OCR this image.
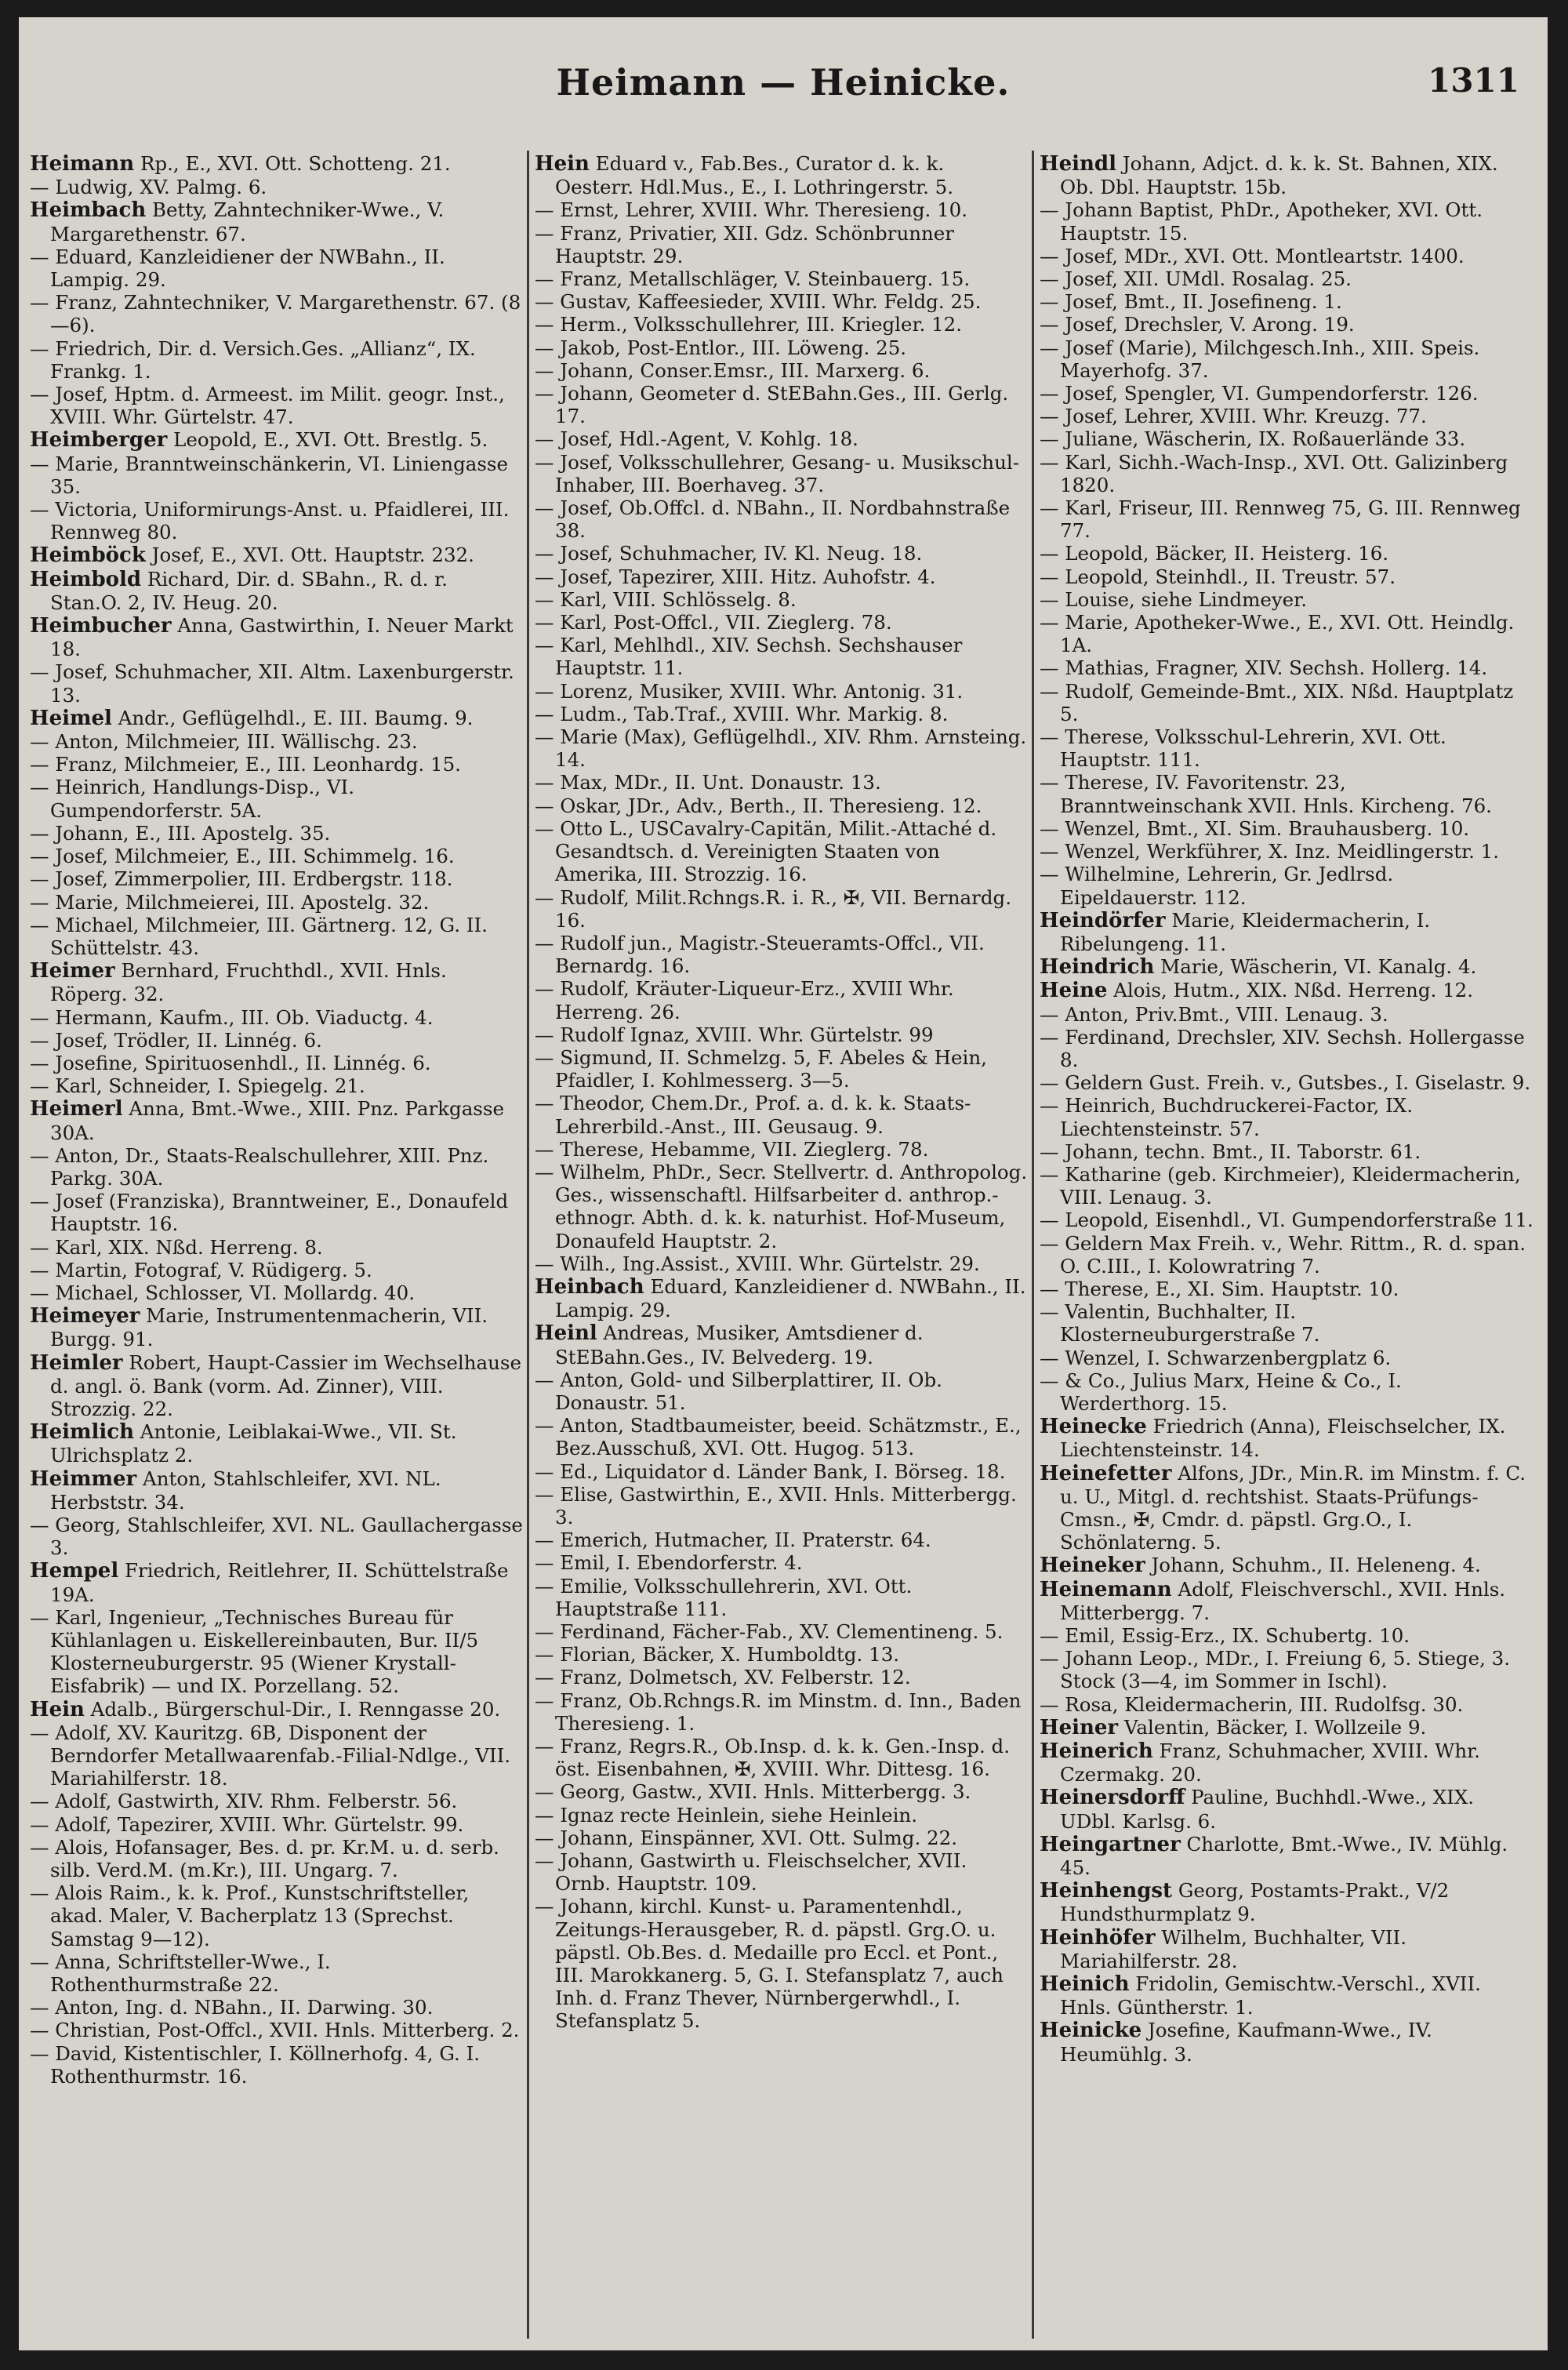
Heimann — Heinicke.	1311

Heimann Rp., E., XVI. Ott. Schotteng. 21.

— Ludwig, XV. Palmg. 6.

Heimbach Betty, Zahntechniker-Wwe., V. Margarethenstr. 67.

— Eduard, Kanzleidiener der NWBahn., II. Lampig. 29.

— Franz, Zahntechniker, V. Margarethenstr. 67. (8—6).

— Friedrich, Dir. d. Versich.Ges. „Allianz“, IX. Frankg. 1.

— Josef, Hptm. d. Armeest. im Milit. geogr. Inst., XVIII. Whr. Gürtelstr. 47.

Heimberger Leopold, E., XVI. Ott. Brestlg. 5.

— Marie, Branntweinschänkerin, VI. Liniengasse 35.

— Victoria, Uniformirungs-Anst. u. Pfaidlerei, III. Rennweg 80.

Heimböck Josef, E., XVI. Ott. Hauptstr. 232.

Heimbold Richard, Dir. d. SBahn., R. d. r. Stan.O. 2, IV. Heug. 20.

Heimbucher Anna, Gastwirthin, I. Neuer Markt 18.

— Josef, Schuhmacher, XII. Altm. Laxenburgerstr. 13.

Heimel Andr., Geflügelhdl., E. III. Baumg. 9.

— Anton, Milchmeier, III. Wällischg. 23.

— Franz, Milchmeier, E., III. Leonhardg. 15.

— Heinrich, Handlungs-Disp., VI. Gumpendorferstr. 5A.

— Johann, E., III. Apostelg. 35.

— Josef, Milchmeier, E., III. Schimmelg. 16.

— Josef, Zimmerpolier, III. Erdbergstr. 118.

— Marie, Milchmeierei, III. Apostelg. 32.

— Michael, Milchmeier, III. Gärtnerg. 12, G. II. Schüttelstr. 43.

Heimer Bernhard, Fruchthdl., XVII. Hnls. Röperg. 32.

— Hermann, Kaufm., III. Ob. Viaductg. 4.

— Josef, Trödler, II. Linnég. 6.

— Josefine, Spirituosenhdl., II. Linnég. 6.

— Karl, Schneider, I. Spiegelg. 21.

Heimerl Anna, Bmt.-Wwe., XIII. Pnz. Parkgasse 30A.

— Anton, Dr., Staats-Realschullehrer, XIII. Pnz. Parkg. 30A.

— Josef (Franziska), Branntweiner, E., Donaufeld Hauptstr. 16.

— Karl, XIX. Nßd. Herreng. 8.

— Martin, Fotograf, V. Rüdigerg. 5.

— Michael, Schlosser, VI. Mollardg. 40.

Heimeyer Marie, Instrumentenmacherin, VII. Burgg. 91.

Heimler Robert, Haupt-Cassier im Wechselhause d. angl. ö. Bank (vorm. Ad. Zinner), VIII. Strozzig. 22.

Heimlich Antonie, Leiblakai-Wwe., VII. St. Ulrichsplatz 2.

Heimmer Anton, Stahlschleifer, XVI. NL. Herbststr. 34.

— Georg, Stahlschleifer, XVI. NL. Gaullachergasse 3.

Hempel Friedrich, Reitlehrer, II. Schüttelstraße 19A.

— Karl, Ingenieur, „Technisches Bureau für Kühlanlagen u. Eiskellereinbauten, Bur. II/5 Klosterneuburgerstr. 95 (Wiener Krystall-Eisfabrik) — und IX. Porzellang. 52.

Hein Adalb., Bürgerschul-Dir., I. Renngasse 20.

— Adolf, XV. Kauritzg. 6B, Disponent der Berndorfer Metallwaarenfab.-Filial-Ndlge., VII. Mariahilferstr. 18.

— Adolf, Gastwirth, XIV. Rhm. Felberstr. 56.

— Adolf, Tapezirer, XVIII. Whr. Gürtelstr. 99.

— Alois, Hofansager, Bes. d. pr. Kr.M. u. d. serb. silb. Verd.M. (m.Kr.), III. Ungarg. 7.

— Alois Raim., k. k. Prof., Kunstschriftsteller, akad. Maler, V. Bacherplatz 13 (Sprechst. Samstag 9—12).

— Anna, Schriftsteller-Wwe., I. Rothenthurmstraße 22.

— Anton, Ing. d. NBahn., II. Darwing. 30.

— Christian, Post-Offcl., XVII. Hnls. Mitterberg. 2.

— David, Kistentischler, I. Köllnerhofg. 4, G. I. Rothenthurmstr. 16.

Hein Eduard v., Fab.Bes., Curator d. k. k. Oesterr. Hdl.Mus., E., I. Lothringerstr. 5.

— Ernst, Lehrer, XVIII. Whr. Theresieng. 10.

— Franz, Privatier, XII. Gdz. Schönbrunner Hauptstr. 29.

— Franz, Metallschläger, V. Steinbauerg. 15.

— Gustav, Kaffeesieder, XVIII. Whr. Feldg. 25.

— Herm., Volksschullehrer, III. Kriegler. 12.

— Jakob, Post-Entlor., III. Löweng. 25.

— Johann, Conser.Emsr., III. Marxerg. 6.

— Johann, Geometer d. StEBahn.Ges., III. Gerlg. 17.

— Josef, Hdl.-Agent, V. Kohlg. 18.

— Josef, Volksschullehrer, Gesang- u. Musikschul-Inhaber, III. Boerhaveg. 37.

— Josef, Ob.Offcl. d. NBahn., II. Nordbahnstraße 38.

— Josef, Schuhmacher, IV. Kl. Neug. 18.

— Josef, Tapezirer, XIII. Hitz. Auhofstr. 4.

— Karl, VIII. Schlösselg. 8.

— Karl, Post-Offcl., VII. Zieglerg. 78.

— Karl, Mehlhdl., XIV. Sechsh. Sechshauser Hauptstr. 11.

— Lorenz, Musiker, XVIII. Whr. Antonig. 31.

— Ludm., Tab.Traf., XVIII. Whr. Markig. 8.

— Marie (Max), Geflügelhdl., XIV. Rhm. Arnsteing. 14.

— Max, MDr., II. Unt. Donaustr. 13.

— Oskar, JDr., Adv., Berth., II. Theresieng. 12.

— Otto L., USCavalry-Capitän, Milit.-Attaché d. Gesandtsch. d. Vereinigten Staaten von Amerika, III. Strozzig. 16.

— Rudolf, Milit.Rchngs.R. i. R., ✠, VII. Bernardg. 16.

— Rudolf jun., Magistr.-Steueramts-Offcl., VII. Bernardg. 16.

— Rudolf, Kräuter-Liqueur-Erz., XVIII Whr. Herreng. 26.

— Rudolf Ignaz, XVIII. Whr. Gürtelstr. 99

— Sigmund, II. Schmelzg. 5, F. Abeles & Hein, Pfaidler, I. Kohlmesserg. 3—5.

— Theodor, Chem.Dr., Prof. a. d. k. k. Staats-Lehrerbild.-Anst., III. Geusaug. 9.

— Therese, Hebamme, VII. Zieglerg. 78.

— Wilhelm, PhDr., Secr. Stellvertr. d. Anthropolog. Ges., wissenschaftl. Hilfsarbeiter d. anthrop.-ethnogr. Abth. d. k. k. naturhist. Hof-Museum, Donaufeld Hauptstr. 2.

— Wilh., Ing.Assist., XVIII. Whr. Gürtelstr. 29.

Heinbach Eduard, Kanzleidiener d. NWBahn., II. Lampig. 29.

Heinl Andreas, Musiker, Amtsdiener d. StEBahn.Ges., IV. Belvederg. 19.

— Anton, Gold- und Silberplattirer, II. Ob. Donaustr. 51.

— Anton, Stadtbaumeister, beeid. Schätzmstr., E., Bez.Ausschuß, XVI. Ott. Hugog. 513.

— Ed., Liquidator d. Länder Bank, I. Börseg. 18.

— Elise, Gastwirthin, E., XVII. Hnls. Mitterbergg. 3.

— Emerich, Hutmacher, II. Praterstr. 64.

— Emil, I. Ebendorferstr. 4.

— Emilie, Volksschullehrerin, XVI. Ott. Hauptstraße 111.

— Ferdinand, Fächer-Fab., XV. Clementineng. 5.

— Florian, Bäcker, X. Humboldtg. 13.

— Franz, Dolmetsch, XV. Felberstr. 12.

— Franz, Ob.Rchngs.R. im Minstm. d. Inn., Baden Theresieng. 1.

— Franz, Regrs.R., Ob.Insp. d. k. k. Gen.-Insp. d. öst. Eisenbahnen, ✠, XVIII. Whr. Dittesg. 16.

— Georg, Gastw., XVII. Hnls. Mitterbergg. 3.

— Ignaz recte Heinlein, siehe Heinlein.

— Johann, Einspänner, XVI. Ott. Sulmg. 22.

— Johann, Gastwirth u. Fleischselcher, XVII. Ornb. Hauptstr. 109.

— Johann, kirchl. Kunst- u. Paramentenhdl., Zeitungs-Herausgeber, R. d. päpstl. Grg.O. u. päpstl. Ob.Bes. d. Medaille pro Eccl. et Pont., III. Marokkanerg. 5, G. I. Stefansplatz 7, auch Inh. d. Franz Thever, Nürnbergerwhdl., I. Stefansplatz 5.

Heindl Johann, Adjct. d. k. k. St. Bahnen, XIX. Ob. Dbl. Hauptstr. 15b.

— Johann Baptist, PhDr., Apotheker, XVI. Ott. Hauptstr. 15.

— Josef, MDr., XVI. Ott. Montleartstr. 1400.

— Josef, XII. UMdl. Rosalag. 25.

— Josef, Bmt., II. Josefineng. 1.

— Josef, Drechsler, V. Arong. 19.

— Josef (Marie), Milchgesch.Inh., XIII. Speis. Mayerhofg. 37.

— Josef, Spengler, VI. Gumpendorferstr. 126.

— Josef, Lehrer, XVIII. Whr. Kreuzg. 77.

— Juliane, Wäscherin, IX. Roßauerlände 33.

— Karl, Sichh.-Wach-Insp., XVI. Ott. Galizinberg 1820.

— Karl, Friseur, III. Rennweg 75, G. III. Rennweg 77.

— Leopold, Bäcker, II. Heisterg. 16.

— Leopold, Steinhdl., II. Treustr. 57.

— Louise, siehe Lindmeyer.

— Marie, Apotheker-Wwe., E., XVI. Ott. Heindlg. 1A.

— Mathias, Fragner, XIV. Sechsh. Hollerg. 14.

— Rudolf, Gemeinde-Bmt., XIX. Nßd. Hauptplatz 5.

— Therese, Volksschul-Lehrerin, XVI. Ott. Hauptstr. 111.

— Therese, IV. Favoritenstr. 23, Branntweinschank XVII. Hnls. Kircheng. 76.

— Wenzel, Bmt., XI. Sim. Brauhausberg. 10.

— Wenzel, Werkführer, X. Inz. Meidlingerstr. 1.

— Wilhelmine, Lehrerin, Gr. Jedlrsd. Eipeldauerstr. 112.

Heindörfer Marie, Kleidermacherin, I. Ribelungeng. 11.

Heindrich Marie, Wäscherin, VI. Kanalg. 4.

Heine Alois, Hutm., XIX. Nßd. Herreng. 12.

— Anton, Priv.Bmt., VIII. Lenaug. 3.

— Ferdinand, Drechsler, XIV. Sechsh. Hollergasse 8.

— Geldern Gust. Freih. v., Gutsbes., I. Giselastr. 9.

— Heinrich, Buchdruckerei-Factor, IX. Liechtensteinstr. 57.

— Johann, techn. Bmt., II. Taborstr. 61.

— Katharine (geb. Kirchmeier), Kleidermacherin, VIII. Lenaug. 3.

— Leopold, Eisenhdl., VI. Gumpendorferstraße 11.

— Geldern Max Freih. v., Wehr. Rittm., R. d. span. O. C.III., I. Kolowratring 7.

— Therese, E., XI. Sim. Hauptstr. 10.

— Valentin, Buchhalter, II. Klosterneuburgerstraße 7.

— Wenzel, I. Schwarzenbergplatz 6.

— & Co., Julius Marx, Heine & Co., I. Werderthorg. 15.

Heinecke Friedrich (Anna), Fleischselcher, IX. Liechtensteinstr. 14.

Heinefetter Alfons, JDr., Min.R. im Minstm. f. C. u. U., Mitgl. d. rechtshist. Staats-Prüfungs-Cmsn., ✠, Cmdr. d. päpstl. Grg.O., I. Schönlaterng. 5.

Heineker Johann, Schuhm., II. Heleneng. 4.

Heinemann Adolf, Fleischverschl., XVII. Hnls. Mitterbergg. 7.

— Emil, Essig-Erz., IX. Schubertg. 10.

— Johann Leop., MDr., I. Freiung 6, 5. Stiege, 3. Stock (3—4, im Sommer in Ischl).

— Rosa, Kleidermacherin, III. Rudolfsg. 30.

Heiner Valentin, Bäcker, I. Wollzeile 9.

Heinerich Franz, Schuhmacher, XVIII. Whr. Czermakg. 20.

Heinersdorff Pauline, Buchhdl.-Wwe., XIX. UDbl. Karlsg. 6.

Heingartner Charlotte, Bmt.-Wwe., IV. Mühlg. 45.

Heinhengst Georg, Postamts-Prakt., V/2 Hundsthurmplatz 9.

Heinhöfer Wilhelm, Buchhalter, VII. Mariahilferstr. 28.

Heinich Fridolin, Gemischtw.-Verschl., XVII. Hnls. Güntherstr. 1.

Heinicke Josefine, Kaufmann-Wwe., IV. Heumühlg. 3.
